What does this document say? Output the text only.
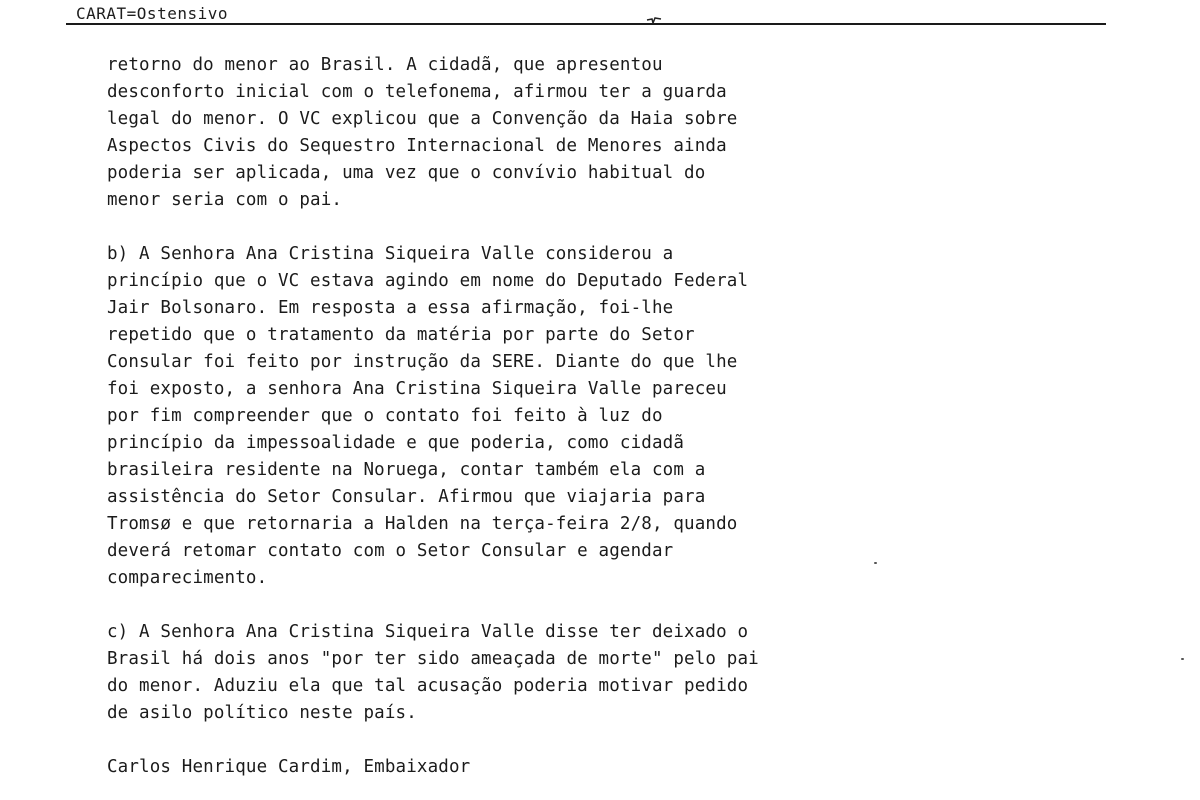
CARAT=Ostensivo
retorno do menor ao Brasil. A cidadã, que apresentou
desconforto inicial com o telefonema, afirmou ter a guarda
legal do menor. O VC explicou que a Convenção da Haia sobre
Aspectos Civis do Sequestro Internacional de Menores ainda
poderia ser aplicada, uma vez que o convívio habitual do
menor seria com o pai.
b) A Senhora Ana Cristina Siqueira Valle considerou a
princípio que o VC estava agindo em nome do Deputado Federal
Jair Bolsonaro. Em resposta a essa afirmação, foi-lhe
repetido que o tratamento da matéria por parte do Setor
Consular foi feito por instrução da SERE. Diante do que lhe
foi exposto, a senhora Ana Cristina Siqueira Valle pareceu
por fim compreender que o contato foi feito à luz do
princípio da impessoalidade e que poderia, como cidadã
brasileira residente na Noruega, contar também ela com a
assistência do Setor Consular. Afirmou que viajaria para
Tromsø e que retornaria a Halden na terça-feira 2/8, quando
deverá retomar contato com o Setor Consular e agendar
comparecimento.
c) A Senhora Ana Cristina Siqueira Valle disse ter deixado o
Brasil há dois anos "por ter sido ameaçada de morte" pelo pai
do menor. Aduziu ela que tal acusação poderia motivar pedido
de asilo político neste país.
Carlos Henrique Cardim, Embaixador
